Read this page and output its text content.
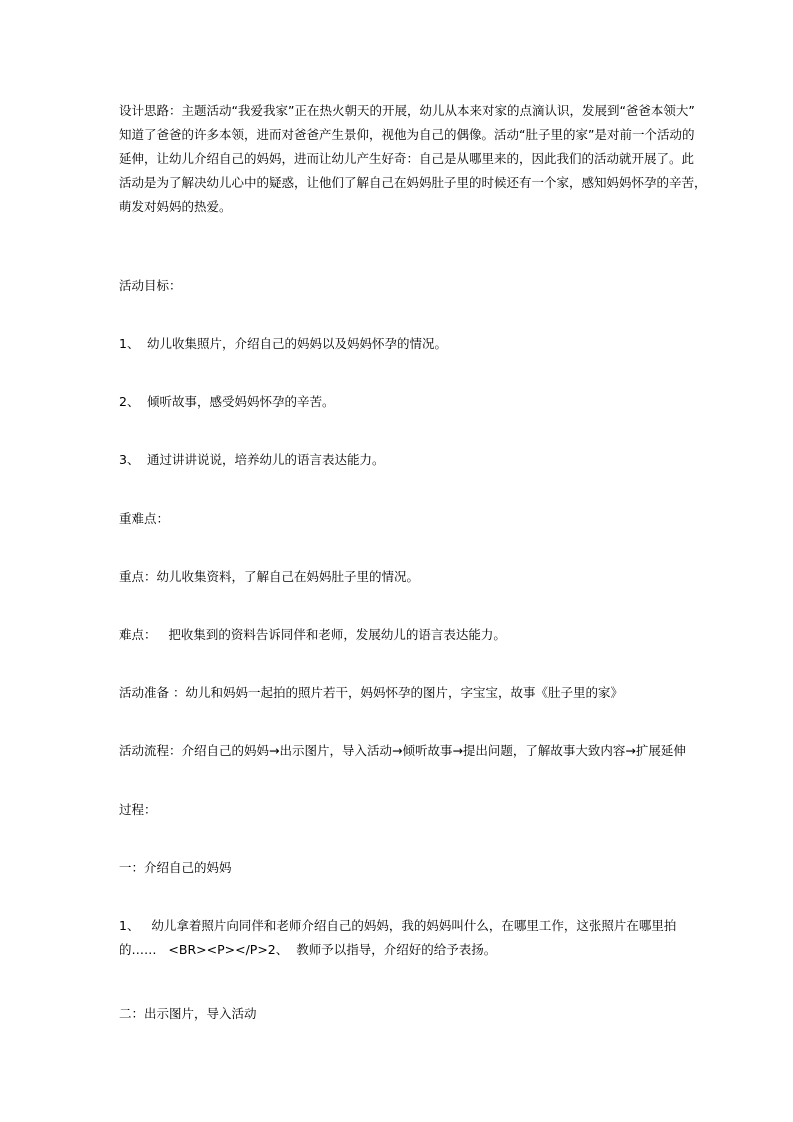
设计思路：主题活动“我爱我家”正在热火朝天的开展，幼儿从本来对家的点滴认识，发展到“爸爸本领大”
知道了爸爸的许多本领，进而对爸爸产生景仰，视他为自己的偶像。活动“肚子里的家”是对前一个活动的
延伸，让幼儿介绍自己的妈妈，进而让幼儿产生好奇：自己是从哪里来的，因此我们的活动就开展了。此
活动是为了解决幼儿心中的疑惑，让他们了解自己在妈妈肚子里的时候还有一个家，感知妈妈怀孕的辛苦，
萌发对妈妈的热爱。
活动目标：
1、 幼儿收集照片，介绍自己的妈妈以及妈妈怀孕的情况。
2、 倾听故事，感受妈妈怀孕的辛苦。
3、 通过讲讲说说，培养幼儿的语言表达能力。
重难点：
重点：幼儿收集资料，了解自己在妈妈肚子里的情况。
难点：   把收集到的资料告诉同伴和老师，发展幼儿的语言表达能力。
活动准备 ：幼儿和妈妈一起拍的照片若干，妈妈怀孕的图片，字宝宝，故事《肚子里的家》
活动流程：介绍自己的妈妈→出示图片，导入活动→倾听故事→提出问题，了解故事大致内容→扩展延伸
过程：
一：介绍自己的妈妈
1、   幼儿拿着照片向同伴和老师介绍自己的妈妈，我的妈妈叫什么，在哪里工作，这张照片在哪里拍
的……   <BR><P></P>2、  教师予以指导，介绍好的给予表扬。
二：出示图片，导入活动
